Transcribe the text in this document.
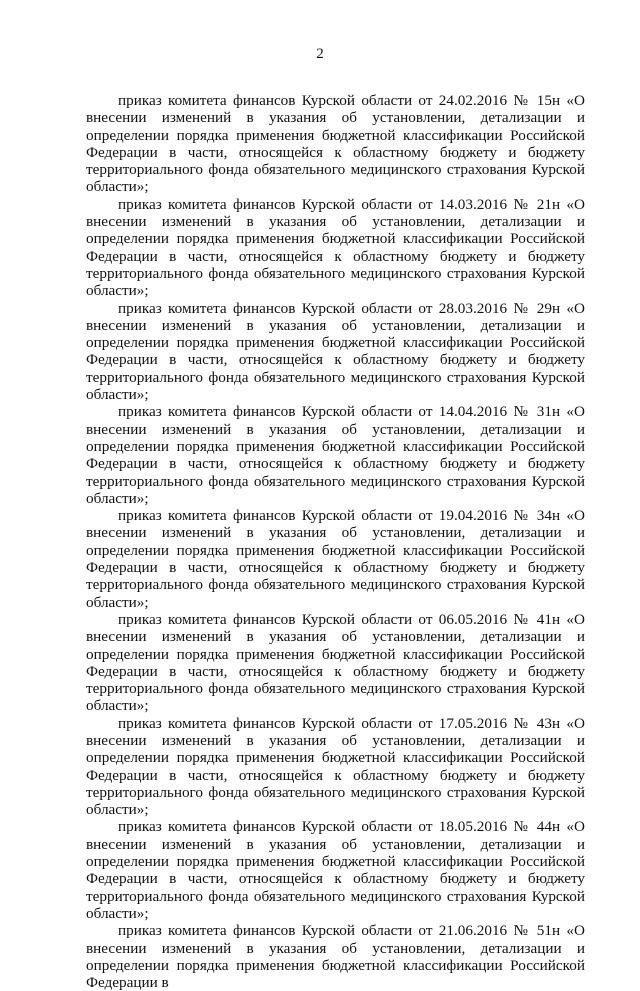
2

приказ комитета финансов Курской области от 24.02.2016 № 15н «О внесении изменений в указания об установлении, детализации и определении порядка применения бюджетной классификации Российской Федерации в части, относящейся к областному бюджету и бюджету территориального фонда обязательного медицинского страхования Курской области»;

приказ комитета финансов Курской области от 14.03.2016 № 21н «О внесении изменений в указания об установлении, детализации и определении порядка применения бюджетной классификации Российской Федерации в части, относящейся к областному бюджету и бюджету территориального фонда обязательного медицинского страхования Курской области»;

приказ комитета финансов Курской области от 28.03.2016 № 29н «О внесении изменений в указания об установлении, детализации и определении порядка применения бюджетной классификации Российской Федерации в части, относящейся к областному бюджету и бюджету территориального фонда обязательного медицинского страхования Курской области»;

приказ комитета финансов Курской области от 14.04.2016 № 31н «О внесении изменений в указания об установлении, детализации и определении порядка применения бюджетной классификации Российской Федерации в части, относящейся к областному бюджету и бюджету территориального фонда обязательного медицинского страхования Курской области»;

приказ комитета финансов Курской области от 19.04.2016 № 34н «О внесении изменений в указания об установлении, детализации и определении порядка применения бюджетной классификации Российской Федерации в части, относящейся к областному бюджету и бюджету территориального фонда обязательного медицинского страхования Курской области»;

приказ комитета финансов Курской области от 06.05.2016 № 41н «О внесении изменений в указания об установлении, детализации и определении порядка применения бюджетной классификации Российской Федерации в части, относящейся к областному бюджету и бюджету территориального фонда обязательного медицинского страхования Курской области»;

приказ комитета финансов Курской области от 17.05.2016 № 43н «О внесении изменений в указания об установлении, детализации и определении порядка применения бюджетной классификации Российской Федерации в части, относящейся к областному бюджету и бюджету территориального фонда обязательного медицинского страхования Курской области»;

приказ комитета финансов Курской области от 18.05.2016 № 44н «О внесении изменений в указания об установлении, детализации и определении порядка применения бюджетной классификации Российской Федерации в части, относящейся к областному бюджету и бюджету территориального фонда обязательного медицинского страхования Курской области»;

приказ комитета финансов Курской области от 21.06.2016 № 51н «О внесении изменений в указания об установлении, детализации и определении порядка применения бюджетной классификации Российской Федерации в
